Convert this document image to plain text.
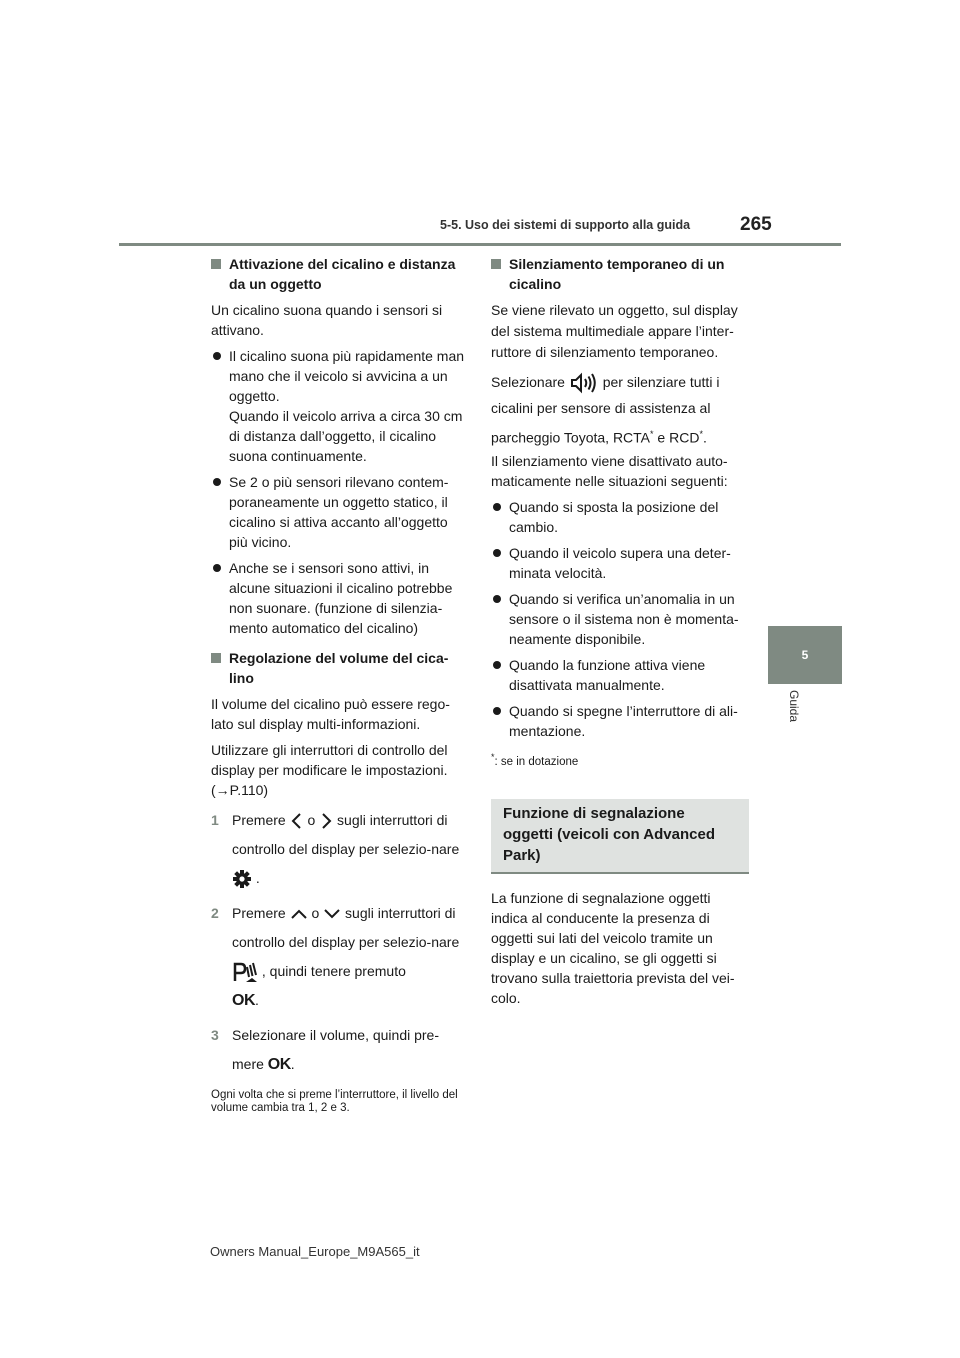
5-5. Uso dei sistemi di supporto alla guida	265
5
Guida
Attivazione del cicalino e distanza da un oggetto

Un cicalino suona quando i sensori si attivano.

Il cicalino suona più rapidamente man mano che il veicolo si avvicina a un oggetto.
Quando il veicolo arriva a circa 30 cm di distanza dall’oggetto, il cicalino suona continuamente.
Se 2 o più sensori rilevano contem-poraneamente un oggetto statico, il cicalino si attiva accanto all’oggetto più vicino.
Anche se i sensori sono attivi, in alcune situazioni il cicalino potrebbe non suonare. (funzione di silenzia-mento automatico del cicalino)
Regolazione del volume del cica-lino

Il volume del cicalino può essere rego-lato sul display multi-informazioni.

Utilizzare gli interruttori di controllo del display per modificare le impostazioni. (→P.110)

1 Premere o sugli interruttori di controllo del display per selezio-nare  .
2 Premere o sugli interruttori di controllo del display per selezio-nare  , quindi tenere premuto
OK.
3 Selezionare il volume, quindi pre-mere OK.

Ogni volta che si preme l’interruttore, il livello del volume cambia tra 1, 2 e 3.

Silenziamento temporaneo di un cicalino

Se viene rilevato un oggetto, sul display del sistema multimediale appare l’inter-ruttore di silenziamento temporaneo.

Selezionare	per silenziare tutti i cicalini per sensore di assistenza al parcheggio Toyota, RCTA* e RCD*.

Il silenziamento viene disattivato auto-maticamente nelle situazioni seguenti:

Quando si sposta la posizione del cambio.
Quando il veicolo supera una deter-minata velocità.
Quando si verifica un’anomalia in un sensore o il sistema non è momenta-neamente disponibile.
Quando la funzione attiva viene disattivata manualmente.
Quando si spegne l’interruttore di ali-mentazione.

*: se in dotazione

Funzione di segnalazione oggetti (veicoli con Advanced Park)

La funzione di segnalazione oggetti indica al conducente la presenza di oggetti sui lati del veicolo tramite un display e un cicalino, se gli oggetti si trovano sulla traiettoria prevista del vei-colo.

Owners Manual_Europe_M9A565_it
